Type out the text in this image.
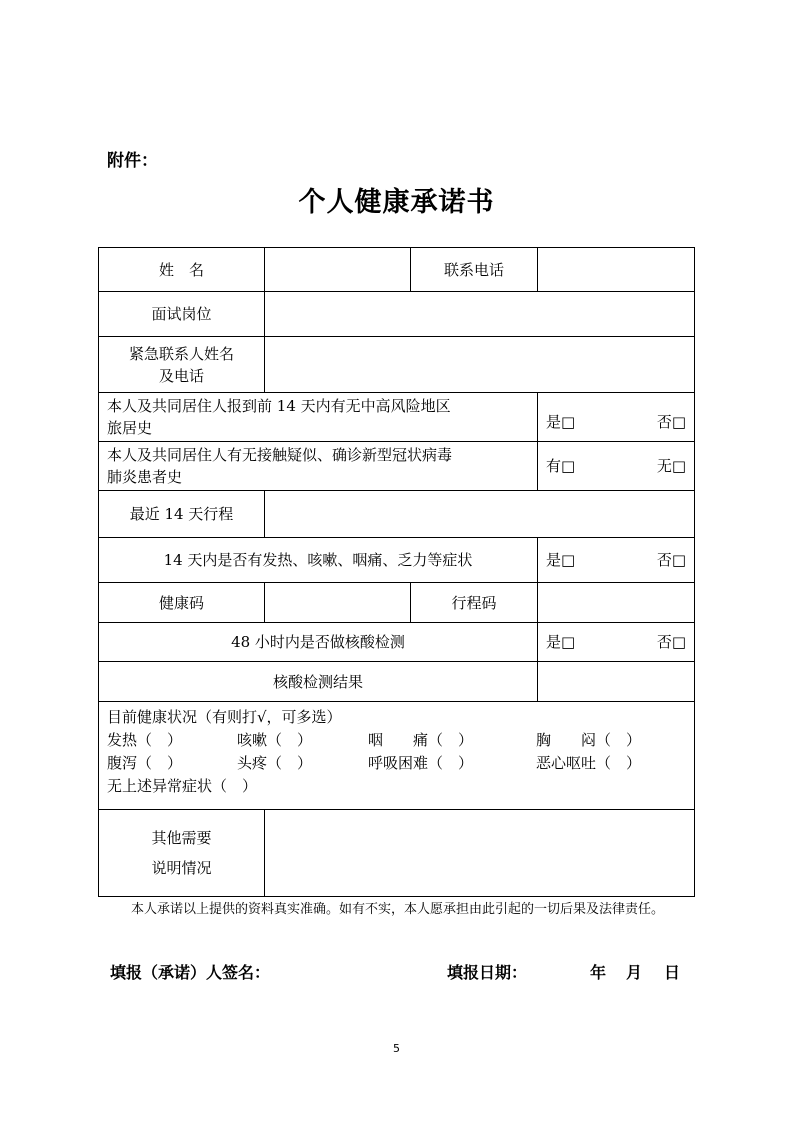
附件：
个人健康承诺书
姓　名	联系电话
面试岗位
紧急联系人姓名
及电话
本人及共同居住人报到前 14 天内有无中高风险地区
旅居史	是□	否□
本人及共同居住人有无接触疑似、确诊新型冠状病毒
肺炎患者史
有□	无□
最近 14 天行程
14 天内是否有发热、咳嗽、咽痛、乏力等症状	是□	否□
健康码	行程码
48 小时内是否做核酸检测	是□	否□
核酸检测结果
目前健康状况（有则打√，可多选）
发热（　）	咳嗽（　）	咽　　痛（　）	胸　　闷（　）
腹泻（　）	头疼（　）	呼吸困难（　）	恶心呕吐（　）
无上述异常症状（　）
其他需要
说明情况
本人承诺以上提供的资料真实准确。如有不实，本人愿承担由此引起的一切后果及法律责任。
填报（承诺）人签名：	填报日期：	年 月 日
5
